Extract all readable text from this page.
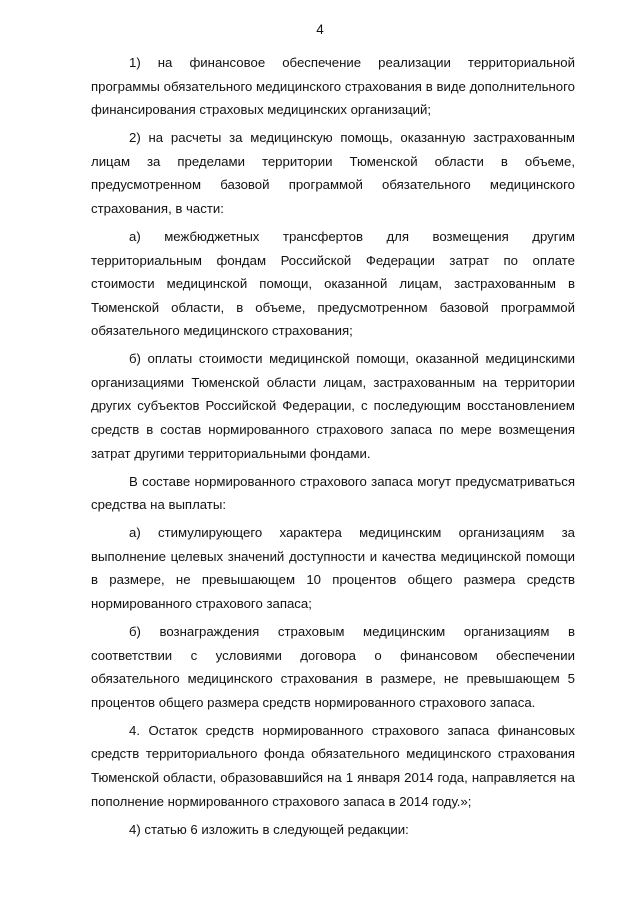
4

1) на финансовое обеспечение реализации территориальной программы обязательного медицинского страхования в виде дополнительного финансирования страховых медицинских организаций;

2) на расчеты за медицинскую помощь, оказанную застрахованным лицам за пределами территории Тюменской области в объеме, предусмотренном базовой программой обязательного медицинского страхования, в части:

а) межбюджетных трансфертов для возмещения другим территориальным фондам Российской Федерации затрат по оплате стоимости медицинской помощи, оказанной лицам, застрахованным в Тюменской области, в объеме, предусмотренном базовой программой обязательного медицинского страхования;

б) оплаты стоимости медицинской помощи, оказанной медицинскими организациями Тюменской области лицам, застрахованным на территории других субъектов Российской Федерации, с последующим восстановлением средств в состав нормированного страхового запаса по мере возмещения затрат другими территориальными фондами.

В составе нормированного страхового запаса могут предусматриваться средства на выплаты:

а) стимулирующего характера медицинским организациям за выполнение целевых значений доступности и качества медицинской помощи в размере, не превышающем 10 процентов общего размера средств нормированного страхового запаса;

б) вознаграждения страховым медицинским организациям в соответствии с условиями договора о финансовом обеспечении обязательного медицинского страхования в размере, не превышающем 5 процентов общего размера средств нормированного страхового запаса.

4. Остаток средств нормированного страхового запаса финансовых средств территориального фонда обязательного медицинского страхования Тюменской области, образовавшийся на 1 января 2014 года, направляется на пополнение нормированного страхового запаса в 2014 году.»;

4) статью 6 изложить в следующей редакции:
